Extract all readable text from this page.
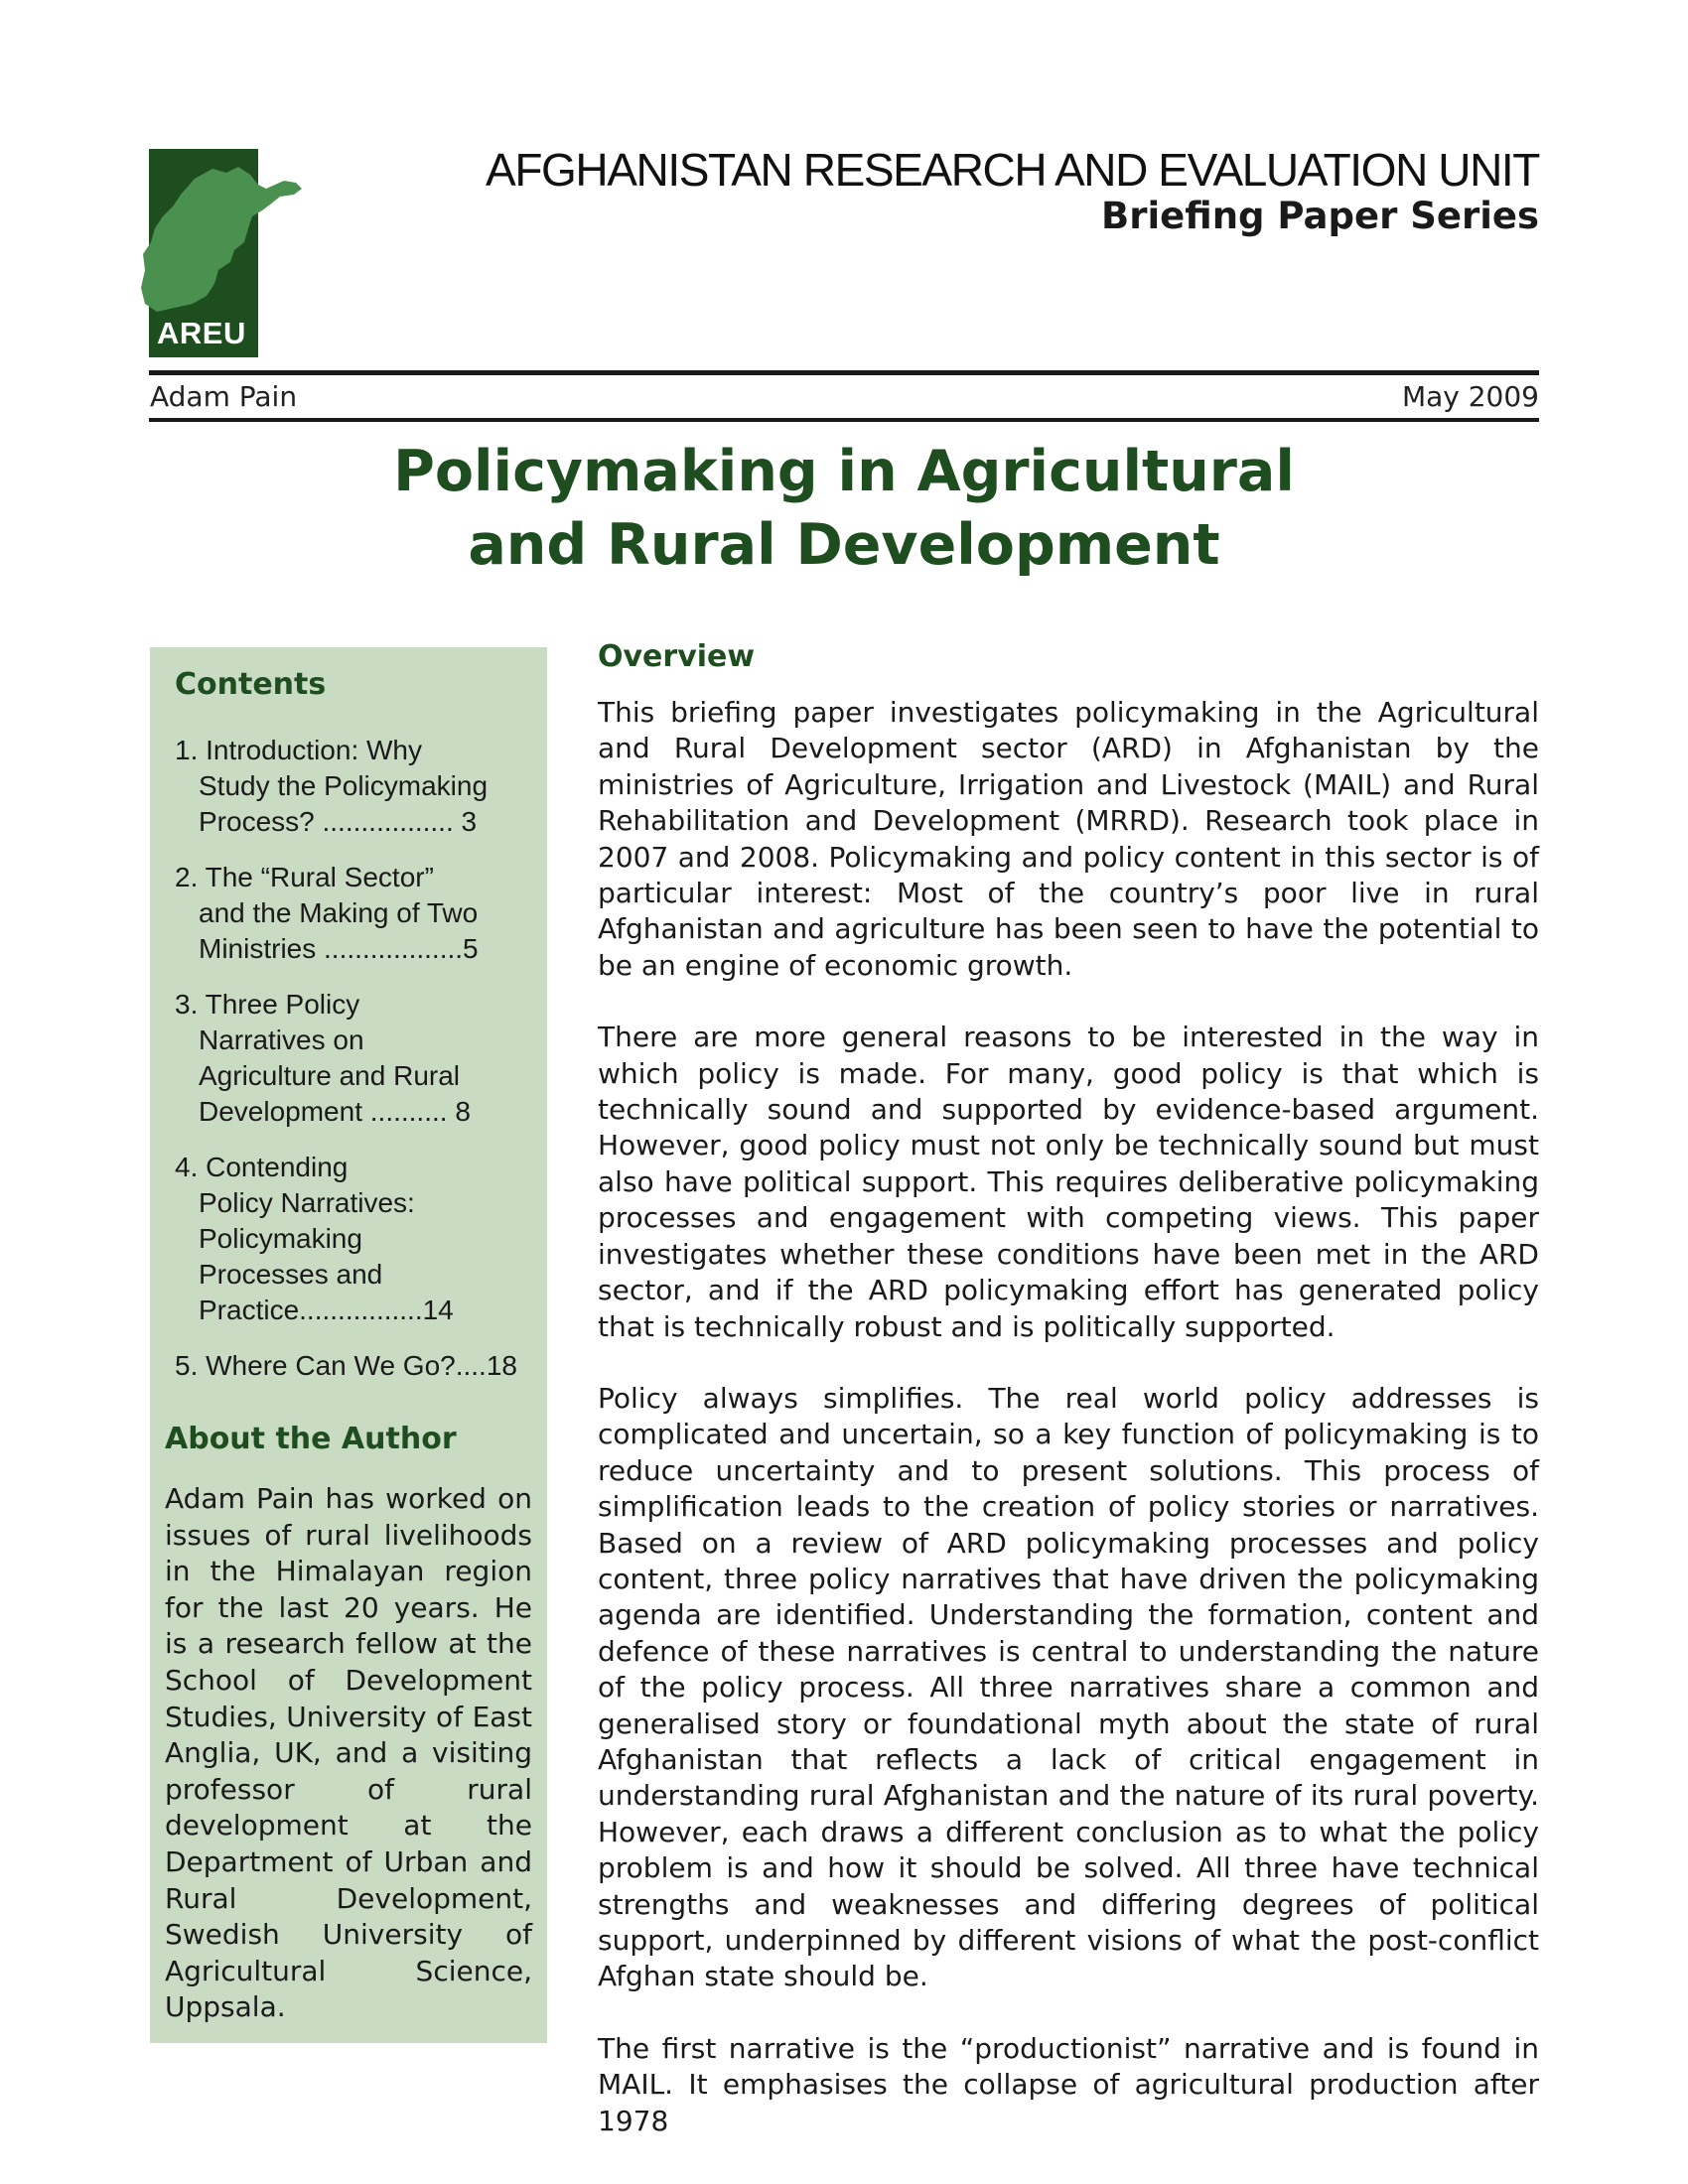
AREU
AFGHANISTAN RESEARCH AND EVALUATION UNIT
Briefing Paper Series
Adam Pain	May 2009
Policymaking in Agricultural
and Rural Development
Contents
1. Introduction: Why
Study the Policymaking
Process? ................. 3
2. The “Rural Sector”
and the Making of Two
Ministries ..................5
3. Three Policy
Narratives on
Agriculture and Rural
Development .......... 8
4. Contending
Policy Narratives:
Policymaking
Processes and
Practice................14
5. Where Can We Go?....18
About the Author

Adam Pain has worked on issues of rural livelihoods in the Himalayan region for the last 20 years. He is a research fellow at the School of Development Studies, University of East Anglia, UK, and a visiting professor of rural development at the Department of Urban and Rural Development, Swedish University of Agricultural Science, Uppsala.

Overview

This briefing paper investigates policymaking in the Agricultural and Rural Development sector (ARD) in Afghanistan by the ministries of Agriculture, Irrigation and Livestock (MAIL) and Rural Rehabilitation and Development (MRRD). Research took place in 2007 and 2008. Policymaking and policy content in this sector is of particular interest: Most of the country’s poor live in rural Afghanistan and agriculture has been seen to have the potential to be an engine of economic growth.

There are more general reasons to be interested in the way in which policy is made. For many, good policy is that which is technically sound and supported by evidence-based argument. However, good policy must not only be technically sound but must also have political support. This requires deliberative policymaking processes and engagement with competing views. This paper investigates whether these conditions have been met in the ARD sector, and if the ARD policymaking effort has generated policy that is technically robust and is politically supported.

Policy always simplifies. The real world policy addresses is complicated and uncertain, so a key function of policymaking is to reduce uncertainty and to present solutions. This process of simplification leads to the creation of policy stories or narratives. Based on a review of ARD policymaking processes and policy content, three policy narratives that have driven the policymaking agenda are identified. Understanding the formation, content and defence of these narratives is central to understanding the nature of the policy process. All three narratives share a common and generalised story or foundational myth about the state of rural Afghanistan that reflects a lack of critical engagement in understanding rural Afghanistan and the nature of its rural poverty. However, each draws a different conclusion as to what the policy problem is and how it should be solved. All three have technical strengths and weaknesses and differing degrees of political support, underpinned by different visions of what the post-conflict Afghan state should be.

The first narrative is the “productionist” narrative and is found in MAIL. It emphasises the collapse of agricultural production after 1978
